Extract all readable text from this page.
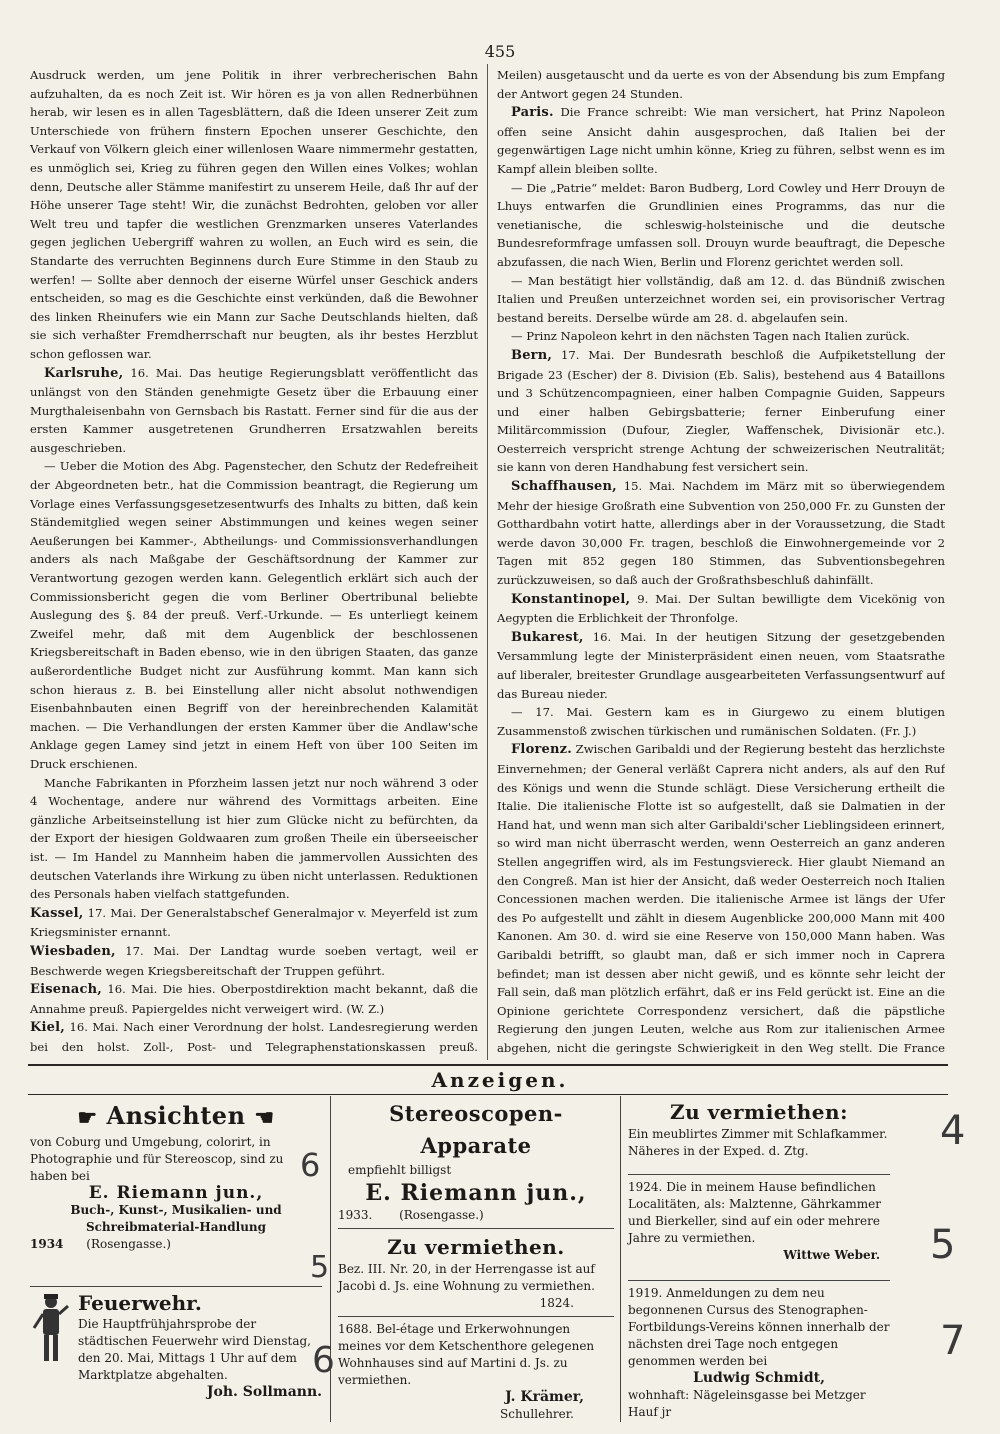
455

Ausdruck werden, um jene Politik in ihrer verbrecherischen Bahn aufzuhalten, da es noch Zeit ist. Wir hören es ja von allen Rednerbühnen herab, wir lesen es in allen Tagesblättern, daß die Ideen unserer Zeit zum Unterschiede von frühern finstern Epochen unserer Geschichte, den Verkauf von Völkern gleich einer willenlosen Waare nimmermehr gestatten, es unmöglich sei, Krieg zu führen gegen den Willen eines Volkes; wohlan denn, Deutsche aller Stämme manifestirt zu unserem Heile, daß Ihr auf der Höhe unserer Tage steht! Wir, die zunächst Bedrohten, geloben vor aller Welt treu und tapfer die westlichen Grenzmarken unseres Vaterlandes gegen jeglichen Uebergriff wahren zu wollen, an Euch wird es sein, die Standarte des verruchten Beginnens durch Eure Stimme in den Staub zu werfen! — Sollte aber dennoch der eiserne Würfel unser Geschick anders entscheiden, so mag es die Geschichte einst verkünden, daß die Bewohner des linken Rheinufers wie ein Mann zur Sache Deutschlands hielten, daß sie sich verhaßter Fremdherrschaft nur beugten, als ihr bestes Herzblut schon geflossen war.

Karlsruhe, 16. Mai. Das heutige Regierungsblatt veröffentlicht das unlängst von den Ständen genehmigte Gesetz über die Erbauung einer Murgthaleisenbahn von Gernsbach bis Rastatt. Ferner sind für die aus der ersten Kammer ausgetretenen Grundherren Ersatzwahlen bereits ausgeschrieben.

— Ueber die Motion des Abg. Pagenstecher, den Schutz der Redefreiheit der Abgeordneten betr., hat die Commission beantragt, die Regierung um Vorlage eines Verfassungsgesetzesentwurfs des Inhalts zu bitten, daß kein Ständemitglied wegen seiner Abstimmungen und keines wegen seiner Aeußerungen bei Kammer-, Abtheilungs- und Commissionsverhandlungen anders als nach Maßgabe der Geschäftsordnung der Kammer zur Verantwortung gezogen werden kann. Gelegentlich erklärt sich auch der Commissionsbericht gegen die vom Berliner Obertribunal beliebte Auslegung des §. 84 der preuß. Verf.-Urkunde. — Es unterliegt keinem Zweifel mehr, daß mit dem Augenblick der beschlossenen Kriegsbereitschaft in Baden ebenso, wie in den übrigen Staaten, das ganze außerordentliche Budget nicht zur Ausführung kommt. Man kann sich schon hieraus z. B. bei Einstellung aller nicht absolut nothwendigen Eisenbahnbauten einen Begriff von der hereinbrechenden Kalamität machen. — Die Verhandlungen der ersten Kammer über die Andlaw'sche Anklage gegen Lamey sind jetzt in einem Heft von über 100 Seiten im Druck erschienen.

Manche Fabrikanten in Pforzheim lassen jetzt nur noch während 3 oder 4 Wochentage, andere nur während des Vormittags arbeiten. Eine gänzliche Arbeitseinstellung ist hier zum Glücke nicht zu befürchten, da der Export der hiesigen Goldwaaren zum großen Theile ein überseeischer ist. — Im Handel zu Mannheim haben die jammervollen Aussichten des deutschen Vaterlands ihre Wirkung zu üben nicht unterlassen. Reduktionen des Personals haben vielfach stattgefunden.

Kassel, 17. Mai. Der Generalstabschef Generalmajor v. Meyerfeld ist zum Kriegsminister ernannt.

Wiesbaden, 17. Mai. Der Landtag wurde soeben vertagt, weil er Beschwerde wegen Kriegsbereitschaft der Truppen geführt.

Eisenach, 16. Mai. Die hies. Oberpostdirektion macht bekannt, daß die Annahme preuß. Papiergeldes nicht verweigert wird. (W. Z.)

Kiel, 16. Mai. Nach einer Verordnung der holst. Landesregierung werden bei den holst. Zoll-, Post- und Telegraphenstationskassen preuß.

Meilen) ausgetauscht und da uerte es von der Absendung bis zum Empfang der Antwort gegen 24 Stunden.

Paris. Die France schreibt: Wie man versichert, hat Prinz Napoleon offen seine Ansicht dahin ausgesprochen, daß Italien bei der gegenwärtigen Lage nicht umhin könne, Krieg zu führen, selbst wenn es im Kampf allein bleiben sollte.

— Die „Patrie“ meldet: Baron Budberg, Lord Cowley und Herr Drouyn de Lhuys entwarfen die Grundlinien eines Programms, das nur die venetianische, die schleswig-holsteinische und die deutsche Bundesreformfrage umfassen soll. Drouyn wurde beauftragt, die Depesche abzufassen, die nach Wien, Berlin und Florenz gerichtet werden soll.

— Man bestätigt hier vollständig, daß am 12. d. das Bündniß zwischen Italien und Preußen unterzeichnet worden sei, ein provisorischer Vertrag bestand bereits. Derselbe würde am 28. d. abgelaufen sein.

— Prinz Napoleon kehrt in den nächsten Tagen nach Italien zurück.

Bern, 17. Mai. Der Bundesrath beschloß die Aufpiketstellung der Brigade 23 (Escher) der 8. Division (Eb. Salis), bestehend aus 4 Bataillons und 3 Schützencompagnieen, einer halben Compagnie Guiden, Sappeurs und einer halben Gebirgsbatterie; ferner Einberufung einer Militärcommission (Dufour, Ziegler, Waffenschek, Divisionär etc.). Oesterreich verspricht strenge Achtung der schweizerischen Neutralität; sie kann von deren Handhabung fest versichert sein.

Schaffhausen, 15. Mai. Nachdem im März mit so überwiegendem Mehr der hiesige Großrath eine Subvention von 250,000 Fr. zu Gunsten der Gotthardbahn votirt hatte, allerdings aber in der Voraussetzung, die Stadt werde davon 30,000 Fr. tragen, beschloß die Einwohnergemeinde vor 2 Tagen mit 852 gegen 180 Stimmen, das Subventionsbegehren zurückzuweisen, so daß auch der Großrathsbeschluß dahinfällt.

Konstantinopel, 9. Mai. Der Sultan bewilligte dem Vicekönig von Aegypten die Erblichkeit der Thronfolge.

Bukarest, 16. Mai. In der heutigen Sitzung der gesetzgebenden Versammlung legte der Ministerpräsident einen neuen, vom Staatsrathe auf liberaler, breitester Grundlage ausgearbeiteten Verfassungsentwurf auf das Bureau nieder.

— 17. Mai. Gestern kam es in Giurgewo zu einem blutigen Zusammenstoß zwischen türkischen und rumänischen Soldaten. (Fr. J.)

Florenz. Zwischen Garibaldi und der Regierung besteht das herzlichste Einvernehmen; der General verläßt Caprera nicht anders, als auf den Ruf des Königs und wenn die Stunde schlägt. Diese Versicherung ertheilt die Italie. Die italienische Flotte ist so aufgestellt, daß sie Dalmatien in der Hand hat, und wenn man sich alter Garibaldi'scher Lieblingsideen erinnert, so wird man nicht überrascht werden, wenn Oesterreich an ganz anderen Stellen angegriffen wird, als im Festungsviereck. Hier glaubt Niemand an den Congreß. Man ist hier der Ansicht, daß weder Oesterreich noch Italien Concessionen machen werden. Die italienische Armee ist längs der Ufer des Po aufgestellt und zählt in diesem Augenblicke 200,000 Mann mit 400 Kanonen. Am 30. d. wird sie eine Reserve von 150,000 Mann haben. Was Garibaldi betrifft, so glaubt man, daß er sich immer noch in Caprera befindet; man ist dessen aber nicht gewiß, und es könnte sehr leicht der Fall sein, daß man plötzlich erfährt, daß er ins Feld gerückt ist. Eine an die Opinione gerichtete Correspondenz versichert, daß die päpstliche Regierung den jungen Leuten, welche aus Rom zur italienischen Armee abgehen, nicht die geringste Schwierigkeit in den Weg stellt. Die France

Anzeigen.
☛ Ansichten ☚
von Coburg und Umgebung, colorirt, in Photographie und für Stereoscop, sind zu haben bei
E. Riemann jun.,
Buch-, Kunst-, Musikalien- und Schreibmaterial-Handlung
1934 (Rosengasse.)
Feuerwehr.
Die Hauptfrühjahrsprobe der städtischen Feuerwehr wird Dienstag, den 20. Mai, Mittags 1 Uhr auf dem Marktplatze abgehalten.
Joh. Sollmann.
Stereoscopen-Apparate
empfiehlt billigst
E. Riemann jun.,
1933. (Rosengasse.)
Zu vermiethen.
Bez. III. Nr. 20, in der Herrengasse ist auf Jacobi d. Js. eine Wohnung zu vermiethen.
1824.
1688. Bel-étage und Erkerwohnungen meines vor dem Ketschenthore gelegenen Wohnhauses sind auf Martini d. Js. zu vermiethen.
J. Krämer,
Schullehrer.
Zu vermiethen:
Ein meublirtes Zimmer mit Schlafkammer. Näheres in der Exped. d. Ztg.
1924. Die in meinem Hause befindlichen Localitäten, als: Malztenne, Gährkammer und Bierkeller, sind auf ein oder mehrere Jahre zu vermiethen.
Wittwe Weber.
1919. Anmeldungen zu dem neu begonnenen Cursus des Stenographen-Fortbildungs-Vereins können innerhalb der nächsten drei Tage noch entgegen genommen werden bei
Ludwig Schmidt,
wohnhaft: Nägeleinsgasse bei Metzger Hauf jr
4
5
6
7
5
6
